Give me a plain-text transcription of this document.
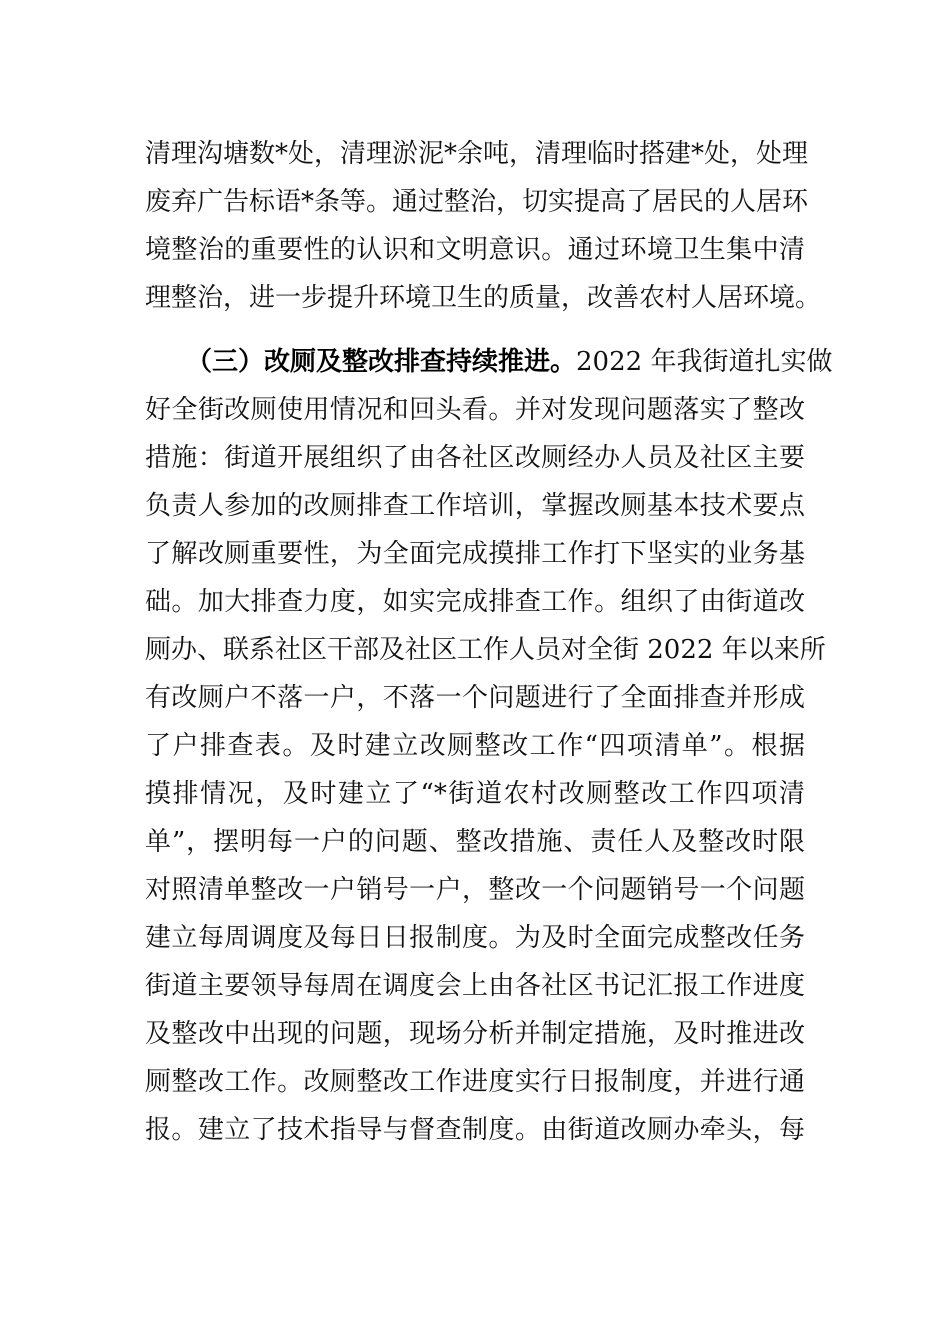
清理沟塘数*处，清理淤泥*余吨，清理临时搭建*处，处理
废弃广告标语*条等。通过整治，切实提高了居民的人居环
境整治的重要性的认识和文明意识。通过环境卫生集中清
理整治，进一步提升环境卫生的质量，改善农村人居环境。
（三）改厕及整改排查持续推进。2022 年我街道扎实做
好全街改厕使用情况和回头看。并对发现问题落实了整改
措施：街道开展组织了由各社区改厕经办人员及社区主要
负责人参加的改厕排查工作培训，掌握改厕基本技术要点
了解改厕重要性，为全面完成摸排工作打下坚实的业务基
础。加大排查力度，如实完成排查工作。组织了由街道改
厕办、联系社区干部及社区工作人员对全街 2022 年以来所
有改厕户不落一户，不落一个问题进行了全面排查并形成
了户排查表。及时建立改厕整改工作“四项清单”。根据
摸排情况，及时建立了“*街道农村改厕整改工作四项清
单”，摆明每一户的问题、整改措施、责任人及整改时限
对照清单整改一户销号一户，整改一个问题销号一个问题
建立每周调度及每日日报制度。为及时全面完成整改任务
街道主要领导每周在调度会上由各社区书记汇报工作进度
及整改中出现的问题，现场分析并制定措施，及时推进改
厕整改工作。改厕整改工作进度实行日报制度，并进行通
报。建立了技术指导与督查制度。由街道改厕办牵头，每
